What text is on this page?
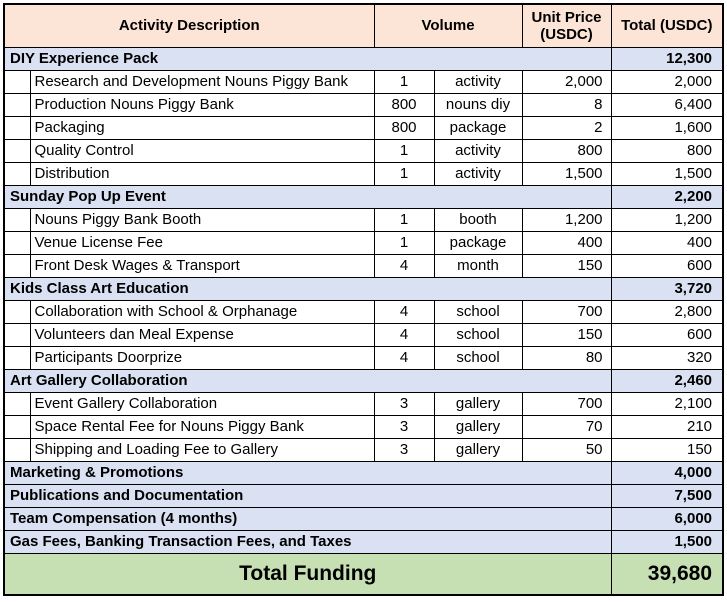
Activity Description		Volume		Unit Price (USDC)	Total (USDC)
DIY Experience Pack					12,300
	Research and Development Nouns Piggy Bank	1	activity	2,000	2,000
	Production Nouns Piggy Bank	800	nouns diy	8	6,400
	Packaging	800	package	2	1,600
	Quality Control	1	activity	800	800
	Distribution	1	activity	1,500	1,500
Sunday Pop Up Event					2,200
	Nouns Piggy Bank Booth	1	booth	1,200	1,200
	Venue License Fee	1	package	400	400
	Front Desk Wages & Transport	4	month	150	600
Kids Class Art Education					3,720
	Collaboration with School & Orphanage	4	school	700	2,800
	Volunteers dan Meal Expense	4	school	150	600
	Participants Doorprize	4	school	80	320
Art Gallery Collaboration					2,460
	Event Gallery Collaboration	3	gallery	700	2,100
	Space Rental Fee for Nouns Piggy Bank	3	gallery	70	210
	Shipping and Loading Fee to Gallery	3	gallery	50	150
Marketing & Promotions					4,000
Publications and Documentation					7,500
Team Compensation (4 months)					6,000
Gas Fees, Banking Transaction Fees, and Taxes					1,500
Total Funding					39,680
